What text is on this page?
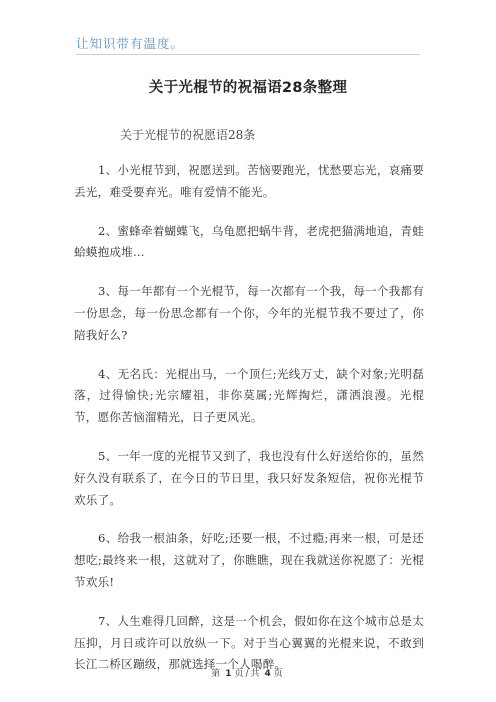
让知识带有温度。
关于光棍节的祝福语28条整理
关于光棍节的祝愿语28条

1、小光棍节到，祝愿送到。苦恼要跑光，忧愁要忘光，哀痛要丢光，难受要弃光。唯有爱情不能光。

2、蜜蜂牵着蝴蝶飞，乌龟愿把蜗牛背，老虎把猫满地追，青蛙蛤蟆抱成堆...

3、每一年都有一个光棍节，每一次都有一个我，每一个我都有一份思念，每一份思念都有一个你，今年的光棍节我不要过了，你陪我好么?

4、无名氏：光棍出马，一个顶仨;光线万丈，缺个对象;光明磊落，过得愉快;光宗耀祖，非你莫属;光辉掏烂，潇洒浪漫。光棍节，愿你苦恼溜精光，日子更风光。

5、一年一度的光棍节又到了，我也没有什么好送给你的，虽然好久没有联系了，在今日的节日里，我只好发条短信，祝你光棍节欢乐了。

6、给我一根油条，好吃;还要一根，不过瘾;再来一根，可是还想吃;最终来一根，这就对了，你瞧瞧，现在我就送你祝愿了：光棍节欢乐!

7、人生难得几回醉，这是一个机会，假如你在这个城市总是太压抑，月日或许可以放纵一下。对于当心翼翼的光棍来说，不敢到长江二桥区蹦级，那就选择一个人喝醉。

第 1 页/共 4 页
